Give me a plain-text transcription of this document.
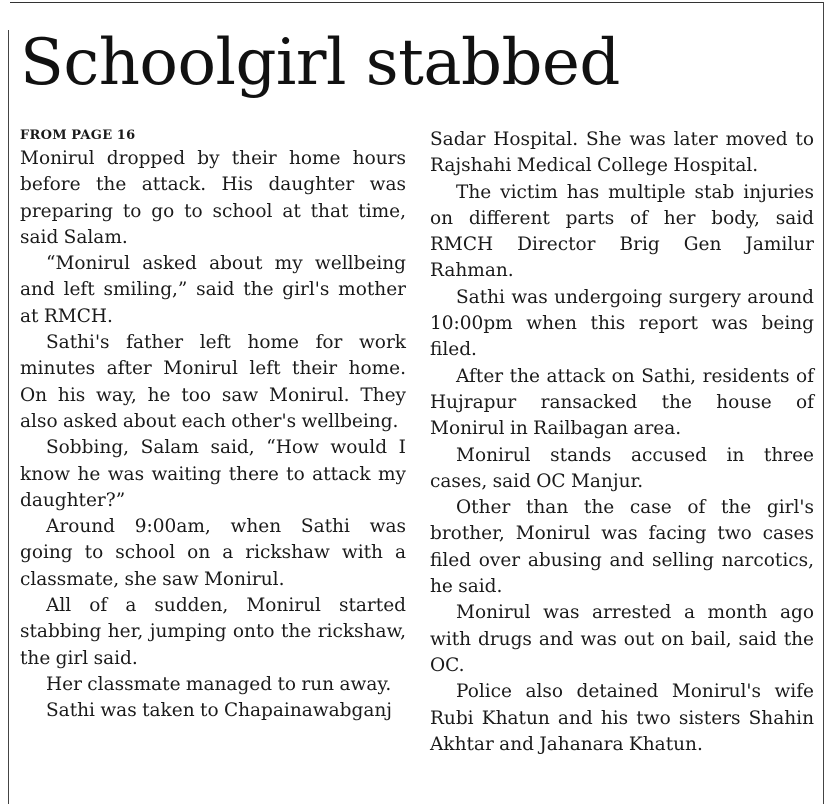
Schoolgirl stabbed

FROM PAGE 16

Monirul dropped by their home hours before the attack. His daughter was preparing to go to school at that time, said Salam.

“Monirul asked about my wellbeing and left smiling,” said the girl's mother at RMCH.

Sathi's father left home for work minutes after Monirul left their home. On his way, he too saw Monirul. They also asked about each other's wellbeing.

Sobbing, Salam said, “How would I know he was waiting there to attack my daughter?”

Around 9:00am, when Sathi was going to school on a rickshaw with a classmate, she saw Monirul.

All of a sudden, Monirul started stabbing her, jumping onto the rickshaw, the girl said.

Her classmate managed to run away.

Sathi was taken to Chapainawabganj

Sadar Hospital. She was later moved to Rajshahi Medical College Hospital.

The victim has multiple stab injuries on different parts of her body, said RMCH Director Brig Gen Jamilur Rahman.

Sathi was undergoing surgery around 10:00pm when this report was being filed.

After the attack on Sathi, residents of Hujrapur ransacked the house of Monirul in Railbagan area.

Monirul stands accused in three cases, said OC Manjur.

Other than the case of the girl's brother, Monirul was facing two cases filed over abusing and selling narcotics, he said.

Monirul was arrested a month ago with drugs and was out on bail, said the OC.

Police also detained Monirul's wife Rubi Khatun and his two sisters Shahin Akhtar and Jahanara Khatun.
